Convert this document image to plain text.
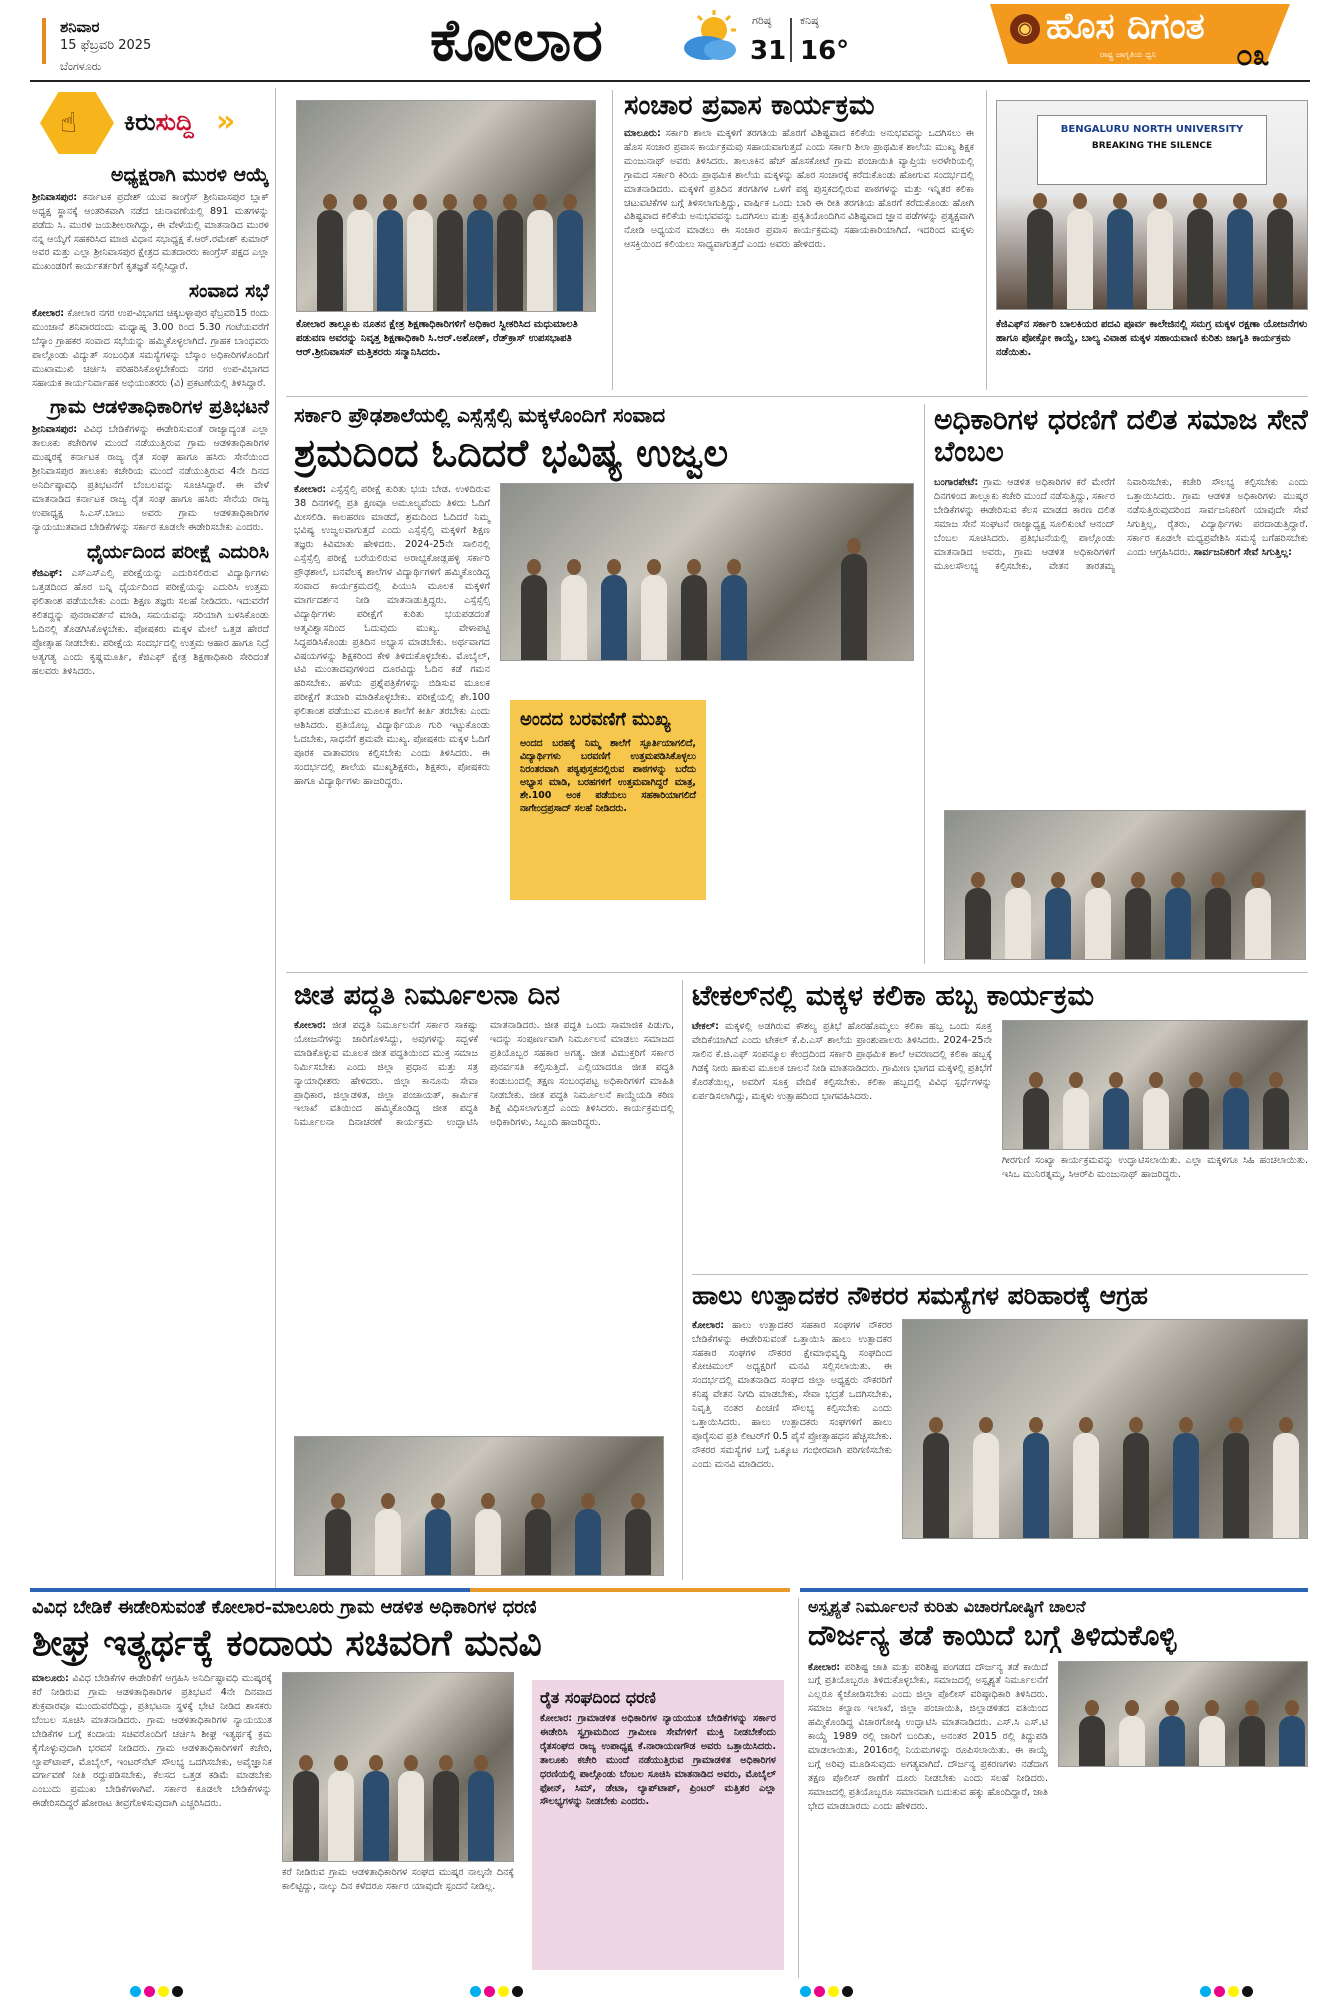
ಶನಿವಾರ
15 ಫೆಬ್ರವರಿ 2025
ಬೆಂಗಳೂರು	ಕೋಲಾರ	ಗರಿಷ್ಠ
31
ಕನಿಷ್ಠ
16°
◉ ಹೊಸ ದಿಗಂತ
ರಾಷ್ಟ್ರ ಜಾಗೃತಿಯ ಧ್ವನಿ	೦೩
☝ ಕಿರುಸುದ್ದಿ »
ಅಧ್ಯಕ್ಷರಾಗಿ ಮುರಳಿ ಆಯ್ಕೆ

ಶ್ರೀನಿವಾಸಪುರ: ಕರ್ನಾಟಕ ಪ್ರದೇಶ್ ಯುವ ಕಾಂಗ್ರೆಸ್ ಶ್ರೀನಿವಾಸಪುರ ಬ್ಲಾಕ್ ಅಧ್ಯಕ್ಷ ಸ್ಥಾನಕ್ಕೆ ಆಂತರಿಕವಾಗಿ ನಡೆದ ಚುನಾವಣೆಯಲ್ಲಿ 891 ಮತಗಳನ್ನು ಪಡೆದು ಸಿ. ಮುರಳಿ ಜಯಶೀಲರಾಗಿದ್ದು, ಈ ವೇಳೆಯಲ್ಲಿ ಮಾತನಾಡಿದ ಮುರಳಿ ನನ್ನ ಆಯ್ಕೆಗೆ ಸಹಕರಿಸಿದ ಮಾಜಿ ವಿಧಾನ ಸಭಾಧ್ಯಕ್ಷ ಕೆ.ಆರ್.ರಮೇಶ್ ಕುಮಾರ್ ಅವರ ಮತ್ತು ಎಲ್ಲಾ ಶ್ರೀನಿವಾಸಪುರ ಕ್ಷೇತ್ರದ ಮತದಾರರು ಕಾಂಗ್ರೆಸ್ ಪಕ್ಷದ ಎಲ್ಲಾ ಮುಖಂಡರಿಗೆ ಕಾರ್ಯಕರ್ತರಿಗೆ ಕೃತಜ್ಞತೆ ಸಲ್ಲಿಸಿದ್ದಾರೆ.

ಸಂವಾದ ಸಭೆ

ಕೋಲಾರ: ಕೋಲಾರ ನಗರ ಉಪ-ವಿಭಾಗದ ಚಿಕ್ಕಬಳ್ಳಾಪುರ ಫೆಬ್ರವರಿ15 ರಂದು ಮುಂಜಾನೆ ಶನಿವಾರದಂದು ಮಧ್ಯಾಹ್ನ 3.00 ರಿಂದ 5.30 ಗಂಟೆಯವರೆಗೆ ಬೆಸ್ಕಾಂ ಗ್ರಾಹಕರ ಸಂವಾದ ಸಭೆಯನ್ನು ಹಮ್ಮಿಕೊಳ್ಳಲಾಗಿದೆ. ಗ್ರಾಹಕ ಬಾಂಧವರು ಪಾಲ್ಗೊಂಡು ವಿದ್ಯುತ್ ಸಂಬಂಧಿತ ಸಮಸ್ಯೆಗಳನ್ನು ಬೆಸ್ಕಾಂ ಅಧಿಕಾರಿಗಳೊಂದಿಗೆ ಮುಖಾಮುಖಿ ಚರ್ಚಿಸಿ ಪರಿಹರಿಸಿಕೊಳ್ಳಬೇಕೆಂದು ನಗರ ಉಪ-ವಿಭಾಗದ ಸಹಾಯಕ ಕಾರ್ಯನಿರ್ವಾಹಕ ಅಭಿಯಂತರರು (ವಿ) ಪ್ರಕಟಣೆಯಲ್ಲಿ ತಿಳಿಸಿದ್ದಾರೆ.

ಗ್ರಾಮ ಆಡಳಿತಾಧಿಕಾರಿಗಳ ಪ್ರತಿಭಟನೆ

ಶ್ರೀನಿವಾಸಪುರ: ವಿವಿಧ ಬೇಡಿಕೆಗಳನ್ನು ಈಡೇರಿಸುವಂತೆ ರಾಜ್ಯಾದ್ಯಂತ ಎಲ್ಲಾ ತಾಲೂಕು ಕಚೇರಿಗಳ ಮುಂದೆ ನಡೆಯುತ್ತಿರುವ ಗ್ರಾಮ ಆಡಳಿತಾಧಿಕಾರಿಗಳ ಮುಷ್ಕರಕ್ಕೆ ಕರ್ನಾಟಕ ರಾಜ್ಯ ರೈತ ಸಂಘ ಹಾಗೂ ಹಸಿರು ಸೇನೆಯಿಂದ ಶ್ರೀನಿವಾಸಪುರ ತಾಲೂಕು ಕಚೇರಿಯ ಮುಂದೆ ನಡೆಯುತ್ತಿರುವ 4ನೇ ದಿನದ ಅನಿರ್ದಿಷ್ಠಾವಧಿ ಪ್ರತಿಭಟನೆಗೆ ಬೆಂಬಲವನ್ನು ಸೂಚಿಸಿದ್ದಾರೆ. ಈ ವೇಳೆ ಮಾತನಾಡಿದ ಕರ್ನಾಟಕ ರಾಜ್ಯ ರೈತ ಸಂಘ ಹಾಗೂ ಹಸಿರು ಸೇನೆಯ ರಾಜ್ಯ ಉಪಾಧ್ಯಕ್ಷ ಸಿ.ಎಸ್.ಬಾಬು ಅವರು ಗ್ರಾಮ ಆಡಳಿತಾಧಿಕಾರಿಗಳ ನ್ಯಾಯಯುತವಾದ ಬೇಡಿಕೆಗಳನ್ನು ಸರ್ಕಾರ ಕೂಡಲೇ ಈಡೇರಿಸಬೇಕು ಎಂದರು.

ಧೈರ್ಯದಿಂದ ಪರೀಕ್ಷೆ ಎದುರಿಸಿ

ಕೆಜಿಎಫ್: ಎಸ್ಎಸ್ಎಲ್ಸಿ ಪರೀಕ್ಷೆಯನ್ನು ಎದುರಿಸಲಿರುವ ವಿದ್ಯಾರ್ಥಿಗಳು ಒತ್ತಡದಿಂದ ಹೊರ ಬನ್ನಿ ಧೈರ್ಯದಿಂದ ಪರೀಕ್ಷೆಯನ್ನು ಎದುರಿಸಿ ಉತ್ತಮ ಫಲಿತಾಂಶ ಪಡೆಯಬೇಕು ಎಂದು ಶಿಕ್ಷಣ ತಜ್ಞರು ಸಲಹೆ ನೀಡಿದರು. ಇದುವರೆಗೆ ಕಲಿತದ್ದನ್ನು ಪುನರಾವರ್ತನೆ ಮಾಡಿ, ಸಮಯವನ್ನು ಸರಿಯಾಗಿ ಬಳಸಿಕೊಂಡು ಓದಿನಲ್ಲಿ ತೊಡಗಿಸಿಕೊಳ್ಳಬೇಕು. ಪೋಷಕರು ಮಕ್ಕಳ ಮೇಲೆ ಒತ್ತಡ ಹೇರದೆ ಪ್ರೋತ್ಸಾಹ ನೀಡಬೇಕು. ಪರೀಕ್ಷೆಯ ಸಂದರ್ಭದಲ್ಲಿ ಉತ್ತಮ ಆಹಾರ ಹಾಗೂ ನಿದ್ರೆ ಅತ್ಯಗತ್ಯ ಎಂದು ಕೃಷ್ಣಮೂರ್ತಿ, ಕೆಜಿಎಫ್ ಕ್ಷೇತ್ರ ಶಿಕ್ಷಣಾಧಿಕಾರಿ ಸೇರಿದಂತೆ ಹಲವರು ತಿಳಿಸಿದರು.

ಕೋಲಾರ ತಾಲ್ಲೂಕು ನೂತನ ಕ್ಷೇತ್ರ ಶಿಕ್ಷಣಾಧಿಕಾರಿಗಳಿಗೆ ಅಧಿಕಾರ ಸ್ವೀಕರಿಸಿದ ಮಧುಮಾಲತಿ ಪಡುವಣ ಅವರನ್ನು ನಿವೃತ್ತ ಶಿಕ್ಷಣಾಧಿಕಾರಿ ಸಿ.ಆರ್.ಅಶೋಕ್, ರೆಡ್‌ಕ್ರಾಸ್ ಉಪಸಭಾಪತಿ ಆರ್.ಶ್ರೀನಿವಾಸನ್ ಮತ್ತಿತರರು ಸನ್ಮಾನಿಸಿದರು.
ಸಂಚಾರ ಪ್ರವಾಸ ಕಾರ್ಯಕ್ರಮ

ಮಾಲೂರು: ಸರ್ಕಾರಿ ಶಾಲಾ ಮಕ್ಕಳಿಗೆ ತರಗತಿಯ ಹೊರಗೆ ವಿಶಿಷ್ಟವಾದ ಕಲಿಕೆಯ ಅನುಭವವನ್ನು ಒದಗಿಸಲು ಈ ಹೊಸ ಸಂಚಾರ ಪ್ರವಾಸ ಕಾರ್ಯಕ್ರಮವು ಸಹಾಯವಾಗುತ್ತದೆ ಎಂದು ಸರ್ಕಾರಿ ಶಿಲಾ ಪ್ರಾಥಮಿಕ ಶಾಲೆಯ ಮುಖ್ಯ ಶಿಕ್ಷಕ ಮಂಜುನಾಥ್ ಅವರು ತಿಳಿಸಿದರು. ತಾಲೂಕಿನ ಹೆಚ್ ಹೊಸಕೋಟೆ ಗ್ರಾಮ ಪಂಚಾಯಿತಿ ವ್ಯಾಪ್ತಿಯ ಅರಳೇರಿಯಲ್ಲಿ ಗ್ರಾಮದ ಸರ್ಕಾರಿ ಕಿರಿಯ ಪ್ರಾಥಮಿಕ ಶಾಲೆಯ ಮಕ್ಕಳನ್ನು ಹೊರ ಸಂಚಾರಕ್ಕೆ ಕರೆದುಕೊಂಡು ಹೋಗುವ ಸಂದರ್ಭದಲ್ಲಿ ಮಾತನಾಡಿದರು. ಮಕ್ಕಳಿಗೆ ಪ್ರತಿದಿನ ತರಗತಿಗಳ ಒಳಗೆ ಪಠ್ಯ ಪುಸ್ತಕದಲ್ಲಿರುವ ಪಾಠಗಳನ್ನು ಮತ್ತು ಇನ್ನಿತರ ಕಲಿಕಾ ಚಟುವಟಿಕೆಗಳ ಬಗ್ಗೆ ತಿಳಿಸಲಾಗುತ್ತಿದ್ದು, ವಾರ್ಷಿಕ ಒಂದು ಬಾರಿ ಈ ರೀತಿ ತರಗತಿಯ ಹೊರಗೆ ಕರೆದುಕೊಂಡು ಹೋಗಿ ವಿಶಿಷ್ಟವಾದ ಕಲಿಕೆಯ ಅನುಭವವನ್ನು ಒದಗಿಸಲು ಮತ್ತು ಪ್ರಕೃತಿಯೊಂದಿಗಿನ ವಿಶಿಷ್ಟವಾದ ಜ್ಞಾನ ಪಡೆಗಳನ್ನು ಪ್ರತ್ಯಕ್ಷವಾಗಿ ನೋಡಿ ಅಧ್ಯಯನ ಮಾಡಲು ಈ ಸಂಚಾರ ಪ್ರವಾಸ ಕಾರ್ಯಕ್ರಮವು ಸಹಾಯಕಾರಿಯಾಗಿದೆ. ಇದರಿಂದ ಮಕ್ಕಳು ಆಸಕ್ತಿಯಿಂದ ಕಲಿಯಲು ಸಾಧ್ಯವಾಗುತ್ತದೆ ಎಂದು ಅವರು ಹೇಳಿದರು.

BENGALURU NORTH UNIVERSITY
BREAKING THE SILENCE
ಕೆಜಿಎಫ್‌ನ ಸರ್ಕಾರಿ ಬಾಲಕಿಯರ ಪದವಿ ಪೂರ್ವ ಕಾಲೇಜಿನಲ್ಲಿ ಸಮಗ್ರ ಮಕ್ಕಳ ರಕ್ಷಣಾ ಯೋಜನೆಗಳು ಹಾಗೂ ಪೋಕ್ಸೋ ಕಾಯ್ದೆ, ಬಾಲ್ಯ ವಿವಾಹ ಮಕ್ಕಳ ಸಹಾಯವಾಣಿ ಕುರಿತು ಜಾಗೃತಿ ಕಾರ್ಯಕ್ರಮ ನಡೆಯಿತು.
ಸರ್ಕಾರಿ ಪ್ರೌಢಶಾಲೆಯಲ್ಲಿ ಎಸ್ಸೆಸ್ಸೆಲ್ಸಿ ಮಕ್ಕಳೊಂದಿಗೆ ಸಂವಾದ
ಶ್ರಮದಿಂದ ಓದಿದರೆ ಭವಿಷ್ಯ ಉಜ್ವಲ
ಕೋಲಾರ: ಎಸ್ಸೆಸ್ಸೆಲ್ಸಿ ಪರೀಕ್ಷೆ ಕುರಿತು ಭಯ ಬೇಡ. ಉಳಿದಿರುವ 38 ದಿನಗಳಲ್ಲಿ ಪ್ರತಿ ಕ್ಷಣವೂ ಅಮೂಲ್ಯವೆಂದು ತಿಳಿದು ಓದಿಗೆ ಮೀಸಲಿಡಿ. ಕಾಲಹರಣ ಮಾಡದೆ, ಶ್ರಮದಿಂದ ಓದಿದರೆ ನಿಮ್ಮ ಭವಿಷ್ಯ ಉಜ್ವಲವಾಗುತ್ತದೆ ಎಂದು ಎಸ್ಸೆಸ್ಸೆಲ್ಸಿ ಮಕ್ಕಳಿಗೆ ಶಿಕ್ಷಣ ತಜ್ಞರು ಕಿವಿಮಾತು ಹೇಳಿದರು. 2024-25ನೇ ಸಾಲಿನಲ್ಲಿ ಎಸ್ಸೆಸ್ಸೆಲ್ಸಿ ಪರೀಕ್ಷೆ ಬರೆಯಲಿರುವ ಅರಾಭ್ಯಕೋಡ್ಲಹಳ್ಳಿ ಸರ್ಕಾರಿ ಪ್ರೌಢಶಾಲೆ, ಬನವೆಲಕ್ಕ ಶಾಲೆಗಳ ವಿದ್ಯಾರ್ಥಿಗಳಿಗೆ ಹಮ್ಮಿಕೊಂಡಿದ್ದ ಸಂವಾದ ಕಾರ್ಯಕ್ರಮದಲ್ಲಿ ಪಿಯುಸಿ ಮೂಲಕ ಮಕ್ಕಳಿಗೆ ಮಾರ್ಗದರ್ಶನ ನೀಡಿ ಮಾತನಾಡುತ್ತಿದ್ದರು. ಎಸ್ಸೆಸ್ಸೆಲ್ಸಿ ವಿದ್ಯಾರ್ಥಿಗಳು ಪರೀಕ್ಷೆಗೆ ಕುರಿತು ಭಯಪಡದಂತೆ ಆತ್ಮವಿಶ್ವಾಸದಿಂದ ಓದುವುದು ಮುಖ್ಯ. ವೇಳಾಪಟ್ಟಿ ಸಿದ್ಧಪಡಿಸಿಕೊಂಡು ಪ್ರತಿದಿನ ಅಭ್ಯಾಸ ಮಾಡಬೇಕು. ಅರ್ಥವಾಗದ ವಿಷಯಗಳನ್ನು ಶಿಕ್ಷಕರಿಂದ ಕೇಳಿ ತಿಳಿದುಕೊಳ್ಳಬೇಕು. ಮೊಬೈಲ್, ಟಿವಿ ಮುಂತಾದವುಗಳಿಂದ ದೂರವಿದ್ದು ಓದಿನ ಕಡೆ ಗಮನ ಹರಿಸಬೇಕು. ಹಳೆಯ ಪ್ರಶ್ನೆಪತ್ರಿಕೆಗಳನ್ನು ಬಿಡಿಸುವ ಮೂಲಕ ಪರೀಕ್ಷೆಗೆ ತಯಾರಿ ಮಾಡಿಕೊಳ್ಳಬೇಕು. ಪರೀಕ್ಷೆಯಲ್ಲಿ ಶೇ.100 ಫಲಿತಾಂಶ ಪಡೆಯುವ ಮೂಲಕ ಶಾಲೆಗೆ ಕೀರ್ತಿ ತರಬೇಕು ಎಂದು ಆಶಿಸಿದರು. ಪ್ರತಿಯೊಬ್ಬ ವಿದ್ಯಾರ್ಥಿಯೂ ಗುರಿ ಇಟ್ಟುಕೊಂಡು ಓದಬೇಕು, ಸಾಧನೆಗೆ ಶ್ರಮವೇ ಮುಖ್ಯ. ಪೋಷಕರು ಮಕ್ಕಳ ಓದಿಗೆ ಪೂರಕ ವಾತಾವರಣ ಕಲ್ಪಿಸಬೇಕು ಎಂದು ತಿಳಿಸಿದರು. ಈ ಸಂದರ್ಭದಲ್ಲಿ ಶಾಲೆಯ ಮುಖ್ಯಶಿಕ್ಷಕರು, ಶಿಕ್ಷಕರು, ಪೋಷಕರು ಹಾಗೂ ವಿದ್ಯಾರ್ಥಿಗಳು ಹಾಜರಿದ್ದರು.
ಅಂದದ ಬರವಣಿಗೆ ಮುಖ್ಯ
ಅಂದದ ಬರಹಕ್ಕೆ ನಿಮ್ಮ ಶಾಲೆಗೆ ಸ್ಪೂರ್ತಿಯಾಗಲಿದೆ, ವಿದ್ಯಾರ್ಥಿಗಳು ಬರವಣಿಗೆ ಉತ್ತಮಪಡಿಸಿಕೊಳ್ಳಲು ನಿರಂತರವಾಗಿ ಪಠ್ಯಪುಸ್ತಕದಲ್ಲಿರುವ ಪಾಠಗಳನ್ನು ಬರೆದು ಅಭ್ಯಾಸ ಮಾಡಿ, ಬರಹಗಳಿಗೆ ಉತ್ತಮವಾಗಿದ್ದರೆ ಮಾತ್ರ, ಶೇ.100 ಅಂಕ ಪಡೆಯಲು ಸಹಕಾರಿಯಾಗಲಿದೆ ನಾಗೇಂದ್ರಪ್ರಸಾದ್ ಸಲಹೆ ನೀಡಿದರು.
ಅಧಿಕಾರಿಗಳ ಧರಣಿಗೆ ದಲಿತ ಸಮಾಜ ಸೇನೆ ಬೆಂಬಲ
ಬಂಗಾರಪೇಟೆ: ಗ್ರಾಮ ಆಡಳಿತ ಅಧಿಕಾರಿಗಳ ಕರೆ ಮೇರೆಗೆ ದಿನಗಳಿಂದ ತಾಲ್ಲೂಕು ಕಚೇರಿ ಮುಂದೆ ನಡೆಸುತ್ತಿದ್ದು, ಸರ್ಕಾರ ಬೇಡಿಕೆಗಳನ್ನು ಈಡೇರಿಸುವ ಕೆಲಸ ಮಾಡದ ಕಾರಣ ದಲಿತ ಸಮಾಜ ಸೇನೆ ಸಂಘಟನೆ ರಾಜ್ಯಾಧ್ಯಕ್ಷ ಸೂಲಿಕುಂಟೆ ಆನಂದ್ ಬೆಂಬಲ ಸೂಚಿಸಿದರು. ಪ್ರತಿಭಟನೆಯಲ್ಲಿ ಪಾಲ್ಗೊಂಡು ಮಾತನಾಡಿದ ಅವರು, ಗ್ರಾಮ ಆಡಳಿತ ಅಧಿಕಾರಿಗಳಿಗೆ ಮೂಲಸೌಲಭ್ಯ ಕಲ್ಪಿಸಬೇಕು, ವೇತನ ತಾರತಮ್ಯ ನಿವಾರಿಸಬೇಕು, ಕಚೇರಿ ಸೌಲಭ್ಯ ಕಲ್ಪಿಸಬೇಕು ಎಂದು ಒತ್ತಾಯಿಸಿದರು. ಗ್ರಾಮ ಆಡಳಿತ ಅಧಿಕಾರಿಗಳು ಮುಷ್ಕರ ನಡೆಸುತ್ತಿರುವುದರಿಂದ ಸಾರ್ವಜನಿಕರಿಗೆ ಯಾವುದೇ ಸೇವೆ ಸಿಗುತ್ತಿಲ್ಲ, ರೈತರು, ವಿದ್ಯಾರ್ಥಿಗಳು ಪರದಾಡುತ್ತಿದ್ದಾರೆ. ಸರ್ಕಾರ ಕೂಡಲೇ ಮಧ್ಯಪ್ರವೇಶಿಸಿ ಸಮಸ್ಯೆ ಬಗೆಹರಿಸಬೇಕು ಎಂದು ಆಗ್ರಹಿಸಿದರು. ಸಾರ್ವಜನಿಕರಿಗೆ ಸೇವೆ ಸಿಗುತ್ತಿಲ್ಲ:
ಜೀತ ಪದ್ಧತಿ ನಿರ್ಮೂಲನಾ ದಿನ
ಕೋಲಾರ: ಜೀತ ಪದ್ಧತಿ ನಿರ್ಮೂಲನೆಗೆ ಸರ್ಕಾರ ಸಾಕಷ್ಟು ಯೋಜನೆಗಳನ್ನು ಜಾರಿಗೊಳಿಸಿದ್ದು, ಅವುಗಳನ್ನು ಸದ್ಬಳಕೆ ಮಾಡಿಕೊಳ್ಳುವ ಮೂಲಕ ಜೀತ ಪದ್ಧತಿಯಿಂದ ಮುಕ್ತ ಸಮಾಜ ನಿರ್ಮಿಸಬೇಕು ಎಂದು ಜಿಲ್ಲಾ ಪ್ರಧಾನ ಮತ್ತು ಸತ್ರ ನ್ಯಾಯಾಧೀಶರು ಹೇಳಿದರು. ಜಿಲ್ಲಾ ಕಾನೂನು ಸೇವಾ ಪ್ರಾಧಿಕಾರ, ಜಿಲ್ಲಾಡಳಿತ, ಜಿಲ್ಲಾ ಪಂಚಾಯತ್, ಕಾರ್ಮಿಕ ಇಲಾಖೆ ವತಿಯಿಂದ ಹಮ್ಮಿಕೊಂಡಿದ್ದ ಜೀತ ಪದ್ಧತಿ ನಿರ್ಮೂಲನಾ ದಿನಾಚರಣೆ ಕಾರ್ಯಕ್ರಮ ಉದ್ಘಾಟಿಸಿ ಮಾತನಾಡಿದರು. ಜೀತ ಪದ್ಧತಿ ಒಂದು ಸಾಮಾಜಿಕ ಪಿಡುಗು, ಇದನ್ನು ಸಂಪೂರ್ಣವಾಗಿ ನಿರ್ಮೂಲನೆ ಮಾಡಲು ಸಮಾಜದ ಪ್ರತಿಯೊಬ್ಬರ ಸಹಕಾರ ಅಗತ್ಯ. ಜೀತ ವಿಮುಕ್ತರಿಗೆ ಸರ್ಕಾರ ಪುನರ್ವಸತಿ ಕಲ್ಪಿಸುತ್ತಿದೆ. ಎಲ್ಲಿಯಾದರೂ ಜೀತ ಪದ್ಧತಿ ಕಂಡುಬಂದಲ್ಲಿ ತಕ್ಷಣ ಸಂಬಂಧಪಟ್ಟ ಅಧಿಕಾರಿಗಳಿಗೆ ಮಾಹಿತಿ ನೀಡಬೇಕು. ಜೀತ ಪದ್ಧತಿ ನಿರ್ಮೂಲನೆ ಕಾಯ್ದೆಯಡಿ ಕಠಿಣ ಶಿಕ್ಷೆ ವಿಧಿಸಲಾಗುತ್ತದೆ ಎಂದು ತಿಳಿಸಿದರು. ಕಾರ್ಯಕ್ರಮದಲ್ಲಿ ಅಧಿಕಾರಿಗಳು, ಸಿಬ್ಬಂದಿ ಹಾಜರಿದ್ದರು.
ಟೇಕಲ್‌ನಲ್ಲಿ ಮಕ್ಕಳ ಕಲಿಕಾ ಹಬ್ಬ ಕಾರ್ಯಕ್ರಮ
ಟೇಕಲ್: ಮಕ್ಕಳಲ್ಲಿ ಅಡಗಿರುವ ಕೌಶಲ್ಯ ಪ್ರತಿಭೆ ಹೊರಹೊಮ್ಮಲು ಕಲಿಕಾ ಹಬ್ಬ ಒಂದು ಸೂಕ್ತ ವೇದಿಕೆಯಾಗಿದೆ ಎಂದು ಟೇಕಲ್ ಕೆ.ಪಿ.ಎಸ್ ಶಾಲೆಯ ಪ್ರಾಂಶುಪಾಲರು ತಿಳಿಸಿದರು. 2024-25ನೇ ಸಾಲಿನ ಕೆ.ಜಿ.ಎಫ್ ಸಂಪನ್ಮೂಲ ಕೇಂದ್ರದಿಂದ ಸರ್ಕಾರಿ ಪ್ರಾಥಮಿಕ ಶಾಲೆ ಆವರಣದಲ್ಲಿ ಕಲಿಕಾ ಹಬ್ಬಕ್ಕೆ ಗಿಡಕ್ಕೆ ನೀರು ಹಾಕುವ ಮೂಲಕ ಚಾಲನೆ ನೀಡಿ ಮಾತನಾಡಿದರು. ಗ್ರಾಮೀಣ ಭಾಗದ ಮಕ್ಕಳಲ್ಲಿ ಪ್ರತಿಭೆಗೆ ಕೊರತೆಯಿಲ್ಲ, ಅವರಿಗೆ ಸೂಕ್ತ ವೇದಿಕೆ ಕಲ್ಪಿಸಬೇಕು. ಕಲಿಕಾ ಹಬ್ಬದಲ್ಲಿ ವಿವಿಧ ಸ್ಪರ್ಧೆಗಳನ್ನು ಏರ್ಪಡಿಸಲಾಗಿದ್ದು, ಮಕ್ಕಳು ಉತ್ಸಾಹದಿಂದ ಭಾಗವಹಿಸಿದರು.
ಗೀರಗುಣಿ ಸಂಖ್ಯಾ ಕಾರ್ಯಕ್ರಮವನ್ನು ಉದ್ಘಾಟಿಸಲಾಯಿತು. ಎಲ್ಲಾ ಮಕ್ಕಳಿಗೂ ಸಿಹಿ ಹಂಚಲಾಯಿತು. ಇಸಿಒ ಮುನಿರತ್ನಮ್ಮ, ಸಿಆರ್‌ಪಿ ಮಂಜುನಾಥ್ ಹಾಜರಿದ್ದರು.
ಹಾಲು ಉತ್ಪಾದಕರ ನೌಕರರ ಸಮಸ್ಯೆಗಳ ಪರಿಹಾರಕ್ಕೆ ಆಗ್ರಹ
ಕೋಲಾರ: ಹಾಲು ಉತ್ಪಾದಕರ ಸಹಕಾರ ಸಂಘಗಳ ನೌಕರರ ಬೇಡಿಕೆಗಳನ್ನು ಈಡೇರಿಸುವಂತೆ ಒತ್ತಾಯಿಸಿ ಹಾಲು ಉತ್ಪಾದಕರ ಸಹಕಾರ ಸಂಘಗಳ ನೌಕರರ ಕ್ಷೇಮಾಭಿವೃದ್ಧಿ ಸಂಘದಿಂದ ಕೋಚಿಮುಲ್ ಅಧ್ಯಕ್ಷರಿಗೆ ಮನವಿ ಸಲ್ಲಿಸಲಾಯಿತು. ಈ ಸಂದರ್ಭದಲ್ಲಿ ಮಾತನಾಡಿದ ಸಂಘದ ಜಿಲ್ಲಾ ಅಧ್ಯಕ್ಷರು ನೌಕರರಿಗೆ ಕನಿಷ್ಠ ವೇತನ ನಿಗದಿ ಮಾಡಬೇಕು, ಸೇವಾ ಭದ್ರತೆ ಒದಗಿಸಬೇಕು, ನಿವೃತ್ತಿ ನಂತರ ಪಿಂಚಣಿ ಸೌಲಭ್ಯ ಕಲ್ಪಿಸಬೇಕು ಎಂದು ಒತ್ತಾಯಿಸಿದರು. ಹಾಲು ಉತ್ಪಾದಕರು ಸಂಘಗಳಿಗೆ ಹಾಲು ಪೂರೈಸುವ ಪ್ರತಿ ಲೀಟರ್‌ಗೆ 0.5 ಪೈಸೆ ಪ್ರೋತ್ಸಾಹಧನ ಹೆಚ್ಚಿಸಬೇಕು. ನೌಕರರ ಸಮಸ್ಯೆಗಳ ಬಗ್ಗೆ ಒಕ್ಕೂಟ ಗಂಭೀರವಾಗಿ ಪರಿಗಣಿಸಬೇಕು ಎಂದು ಮನವಿ ಮಾಡಿದರು.
ವಿವಿಧ ಬೇಡಿಕೆ ಈಡೇರಿಸುವಂತೆ ಕೋಲಾರ-ಮಾಲೂರು ಗ್ರಾಮ ಆಡಳಿತ ಅಧಿಕಾರಿಗಳ ಧರಣಿ
ಶೀಘ್ರ ಇತ್ಯರ್ಥಕ್ಕೆ ಕಂದಾಯ ಸಚಿವರಿಗೆ ಮನವಿ
ಮಾಲೂರು: ವಿವಿಧ ಬೇಡಿಕೆಗಳ ಈಡೇರಿಕೆಗೆ ಆಗ್ರಹಿಸಿ ಅನಿರ್ದಿಷ್ಟಾವಧಿ ಮುಷ್ಕರಕ್ಕೆ ಕರೆ ನೀಡಿರುವ ಗ್ರಾಮ ಆಡಳಿತಾಧಿಕಾರಿಗಳ ಪ್ರತಿಭಟನೆ 4ನೇ ದಿನವಾದ ಶುಕ್ರವಾರವೂ ಮುಂದುವರೆದಿದ್ದು, ಪ್ರತಿಭಟನಾ ಸ್ಥಳಕ್ಕೆ ಭೇಟಿ ನೀಡಿದ ಶಾಸಕರು ಬೆಂಬಲ ಸೂಚಿಸಿ ಮಾತನಾಡಿದರು. ಗ್ರಾಮ ಆಡಳಿತಾಧಿಕಾರಿಗಳ ನ್ಯಾಯಯುತ ಬೇಡಿಕೆಗಳ ಬಗ್ಗೆ ಕಂದಾಯ ಸಚಿವರೊಂದಿಗೆ ಚರ್ಚಿಸಿ ಶೀಘ್ರ ಇತ್ಯರ್ಥಕ್ಕೆ ಕ್ರಮ ಕೈಗೊಳ್ಳುವುದಾಗಿ ಭರವಸೆ ನೀಡಿದರು. ಗ್ರಾಮ ಆಡಳಿತಾಧಿಕಾರಿಗಳಿಗೆ ಕಚೇರಿ, ಲ್ಯಾಪ್‌ಟಾಪ್, ಮೊಬೈಲ್, ಇಂಟರ್‌ನೆಟ್ ಸೌಲಭ್ಯ ಒದಗಿಸಬೇಕು, ಅವೈಜ್ಞಾನಿಕ ವರ್ಗಾವಣೆ ನೀತಿ ರದ್ದುಪಡಿಸಬೇಕು, ಕೆಲಸದ ಒತ್ತಡ ಕಡಿಮೆ ಮಾಡಬೇಕು ಎಂಬುದು ಪ್ರಮುಖ ಬೇಡಿಕೆಗಳಾಗಿವೆ. ಸರ್ಕಾರ ಕೂಡಲೇ ಬೇಡಿಕೆಗಳನ್ನು ಈಡೇರಿಸದಿದ್ದರೆ ಹೋರಾಟ ತೀವ್ರಗೊಳಿಸುವುದಾಗಿ ಎಚ್ಚರಿಸಿದರು.
ಕರೆ ನೀಡಿರುವ ಗ್ರಾಮ ಆಡಳಿತಾಧಿಕಾರಿಗಳ ಸಂಘದ ಮುಷ್ಕರ ನಾಲ್ಕನೇ ದಿನಕ್ಕೆ ಕಾಲಿಟ್ಟಿದ್ದು, ನಾಲ್ಕು ದಿನ ಕಳೆದರೂ ಸರ್ಕಾರ ಯಾವುದೇ ಸ್ಪಂದನೆ ನೀಡಿಲ್ಲ.
ರೈತ ಸಂಘದಿಂದ ಧರಣಿ
ಕೋಲಾರ: ಗ್ರಾಮಾಡಳಿತ ಅಧಿಕಾರಿಗಳ ನ್ಯಾಯಯುತ ಬೇಡಿಕೆಗಳನ್ನು ಸರ್ಕಾರ ಈಡೇರಿಸಿ ಸ್ವಗ್ರಾಮದಿಂದ ಗ್ರಾಮೀಣ ಸೇವೆಗಳಿಗೆ ಮುಕ್ತಿ ನೀಡಬೇಕೆಂದು ರೈತಸಂಘದ ರಾಜ್ಯ ಉಪಾಧ್ಯಕ್ಷ ಕೆ.ನಾರಾಯಣಗೌಡ ಅವರು ಒತ್ತಾಯಿಸಿದರು. ತಾಲೂಕು ಕಚೇರಿ ಮುಂದೆ ನಡೆಯುತ್ತಿರುವ ಗ್ರಾಮಾಡಳಿತ ಅಧಿಕಾರಿಗಳ ಧರಣಿಯಲ್ಲಿ ಪಾಲ್ಗೊಂಡು ಬೆಂಬಲ ಸೂಚಿಸಿ ಮಾತನಾಡಿದ ಅವರು, ಮೊಬೈಲ್ ಫೋನ್, ಸಿಮ್, ಡೇಟಾ, ಲ್ಯಾಪ್‌ಟಾಪ್, ಪ್ರಿಂಟರ್ ಮತ್ತಿತರ ಎಲ್ಲಾ ಸೌಲಭ್ಯಗಳನ್ನು ನೀಡಬೇಕು ಎಂದರು.
ಅಸ್ಪೃಶ್ಯತೆ ನಿರ್ಮೂಲನೆ ಕುರಿತು ವಿಚಾರಗೋಷ್ಠಿಗೆ ಚಾಲನೆ
ದೌರ್ಜನ್ಯ ತಡೆ ಕಾಯಿದೆ ಬಗ್ಗೆ ತಿಳಿದುಕೊಳ್ಳಿ
ಕೋಲಾರ: ಪರಿಶಿಷ್ಟ ಜಾತಿ ಮತ್ತು ಪರಿಶಿಷ್ಟ ಪಂಗಡದ ದೌರ್ಜನ್ಯ ತಡೆ ಕಾಯಿದೆ ಬಗ್ಗೆ ಪ್ರತಿಯೊಬ್ಬರೂ ತಿಳಿದುಕೊಳ್ಳಬೇಕು, ಸಮಾಜದಲ್ಲಿ ಅಸ್ಪೃಶ್ಯತೆ ನಿರ್ಮೂಲನೆಗೆ ಎಲ್ಲರೂ ಕೈಜೋಡಿಸಬೇಕು ಎಂದು ಜಿಲ್ಲಾ ಪೊಲೀಸ್ ವರಿಷ್ಠಾಧಿಕಾರಿ ತಿಳಿಸಿದರು. ಸಮಾಜ ಕಲ್ಯಾಣ ಇಲಾಖೆ, ಜಿಲ್ಲಾ ಪಂಚಾಯಿತಿ, ಜಿಲ್ಲಾಡಳಿತದ ವತಿಯಿಂದ ಹಮ್ಮಿಕೊಂಡಿದ್ದ ವಿಚಾರಗೋಷ್ಠಿ ಉದ್ಘಾಟಿಸಿ ಮಾತನಾಡಿದರು. ಎಸ್.ಸಿ ಎಸ್.ಟಿ ಕಾಯ್ದೆ 1989 ರಲ್ಲಿ ಜಾರಿಗೆ ಬಂದಿತು, ಅನಂತರ 2015 ರಲ್ಲಿ ತಿದ್ದುಪಡಿ ಮಾಡಲಾಯಿತು, 2016ರಲ್ಲಿ ನಿಯಮಗಳನ್ನು ರೂಪಿಸಲಾಯಿತು. ಈ ಕಾಯ್ದೆ ಬಗ್ಗೆ ಅರಿವು ಮೂಡಿಸುವುದು ಅಗತ್ಯವಾಗಿದೆ. ದೌರ್ಜನ್ಯ ಪ್ರಕರಣಗಳು ನಡೆದಾಗ ತಕ್ಷಣ ಪೊಲೀಸ್ ಠಾಣೆಗೆ ದೂರು ನೀಡಬೇಕು ಎಂದು ಸಲಹೆ ನೀಡಿದರು. ಸಮಾಜದಲ್ಲಿ ಪ್ರತಿಯೊಬ್ಬರೂ ಸಮಾನವಾಗಿ ಬದುಕುವ ಹಕ್ಕು ಹೊಂದಿದ್ದಾರೆ, ಜಾತಿ ಭೇದ ಮಾಡಬಾರದು ಎಂದು ಹೇಳಿದರು.
